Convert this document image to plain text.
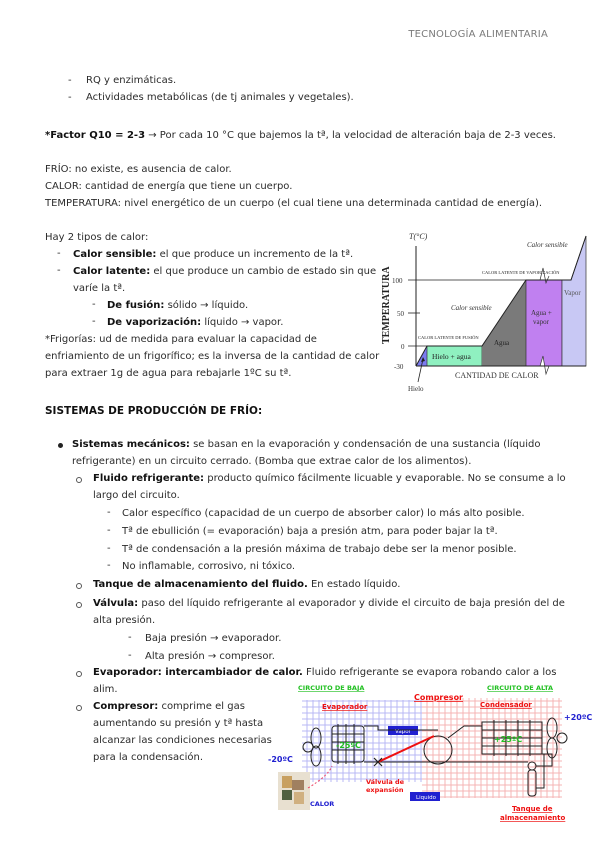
TECNOLOGÍA ALIMENTARIA
- RQ y enzimáticas.
- Actividades metabólicas (de tj animales y vegetales).
*Factor Q10 = 2-3 → Por cada 10 °C que bajemos la tª, la velocidad de alteración baja de 2-3 veces.
FRÍO: no existe, es ausencia de calor.
CALOR: cantidad de energía que tiene un cuerpo.
TEMPERATURA: nivel energético de un cuerpo (el cual tiene una determinada cantidad de energía).
Hay 2 tipos de calor:
- Calor sensible: el que produce un incremento de la tª.
- Calor latente: el que produce un cambio de estado sin que
varíe la tª.
- De fusión: sólido → líquido.
- De vaporización: líquido → vapor.
*Frigorías: ud de medida para evaluar la capacidad de
enfriamiento de un frigorífico; es la inversa de la cantidad de calor
para extraer 1g de agua para rebajarle 1ºC su tª.
T(°C)
TEMPERATURA 100
50
0
-30
Hielo + agua
Agua
Agua +
vapor
Vapor
Calor sensible
Calor sensible
CALOR LATENTE DE FUSIÓN
CALOR LATENTE DE VAPORIZACIÓN
CANTIDAD DE CALOR
Hielo
SISTEMAS DE PRODUCCIÓN DE FRÍO:
Sistemas mecánicos: se basan en la evaporación y condensación de una sustancia (líquido
refrigerante) en un circuito cerrado. (Bomba que extrae calor de los alimentos).
Fluido refrigerante: producto químico fácilmente licuable y evaporable. No se consume a lo
largo del circuito.
- Calor específico (capacidad de un cuerpo de absorber calor) lo más alto posible.
- Tª de ebullición (= evaporación) baja a presión atm, para poder bajar la tª.
- Tª de condensación a la presión máxima de trabajo debe ser la menor posible.
- No inflamable, corrosivo, ni tóxico.
Tanque de almacenamiento del fluido. En estado líquido.
Válvula: paso del líquido refrigerante al evaporador y divide el circuito de baja presión del de
alta presión.
- Baja presión → evaporador.
- Alta presión → compresor.
Evaporador: intercambiador de calor. Fluido refrigerante se evapora robando calor a los
alim.
Compresor: comprime el gas
aumentando su presión y tª hasta
alcanzar las condiciones necesarias
para la condensación.
CIRCUITO DE BAJA	CIRCUITO DE ALTA
Evaporador
Compresor
Condensador
Vapor
Liquido
-25ºC
+25ºC
-20ºC
+20ºC
Válvula de
expansión
Tanque de
almacenamiento
CALOR
